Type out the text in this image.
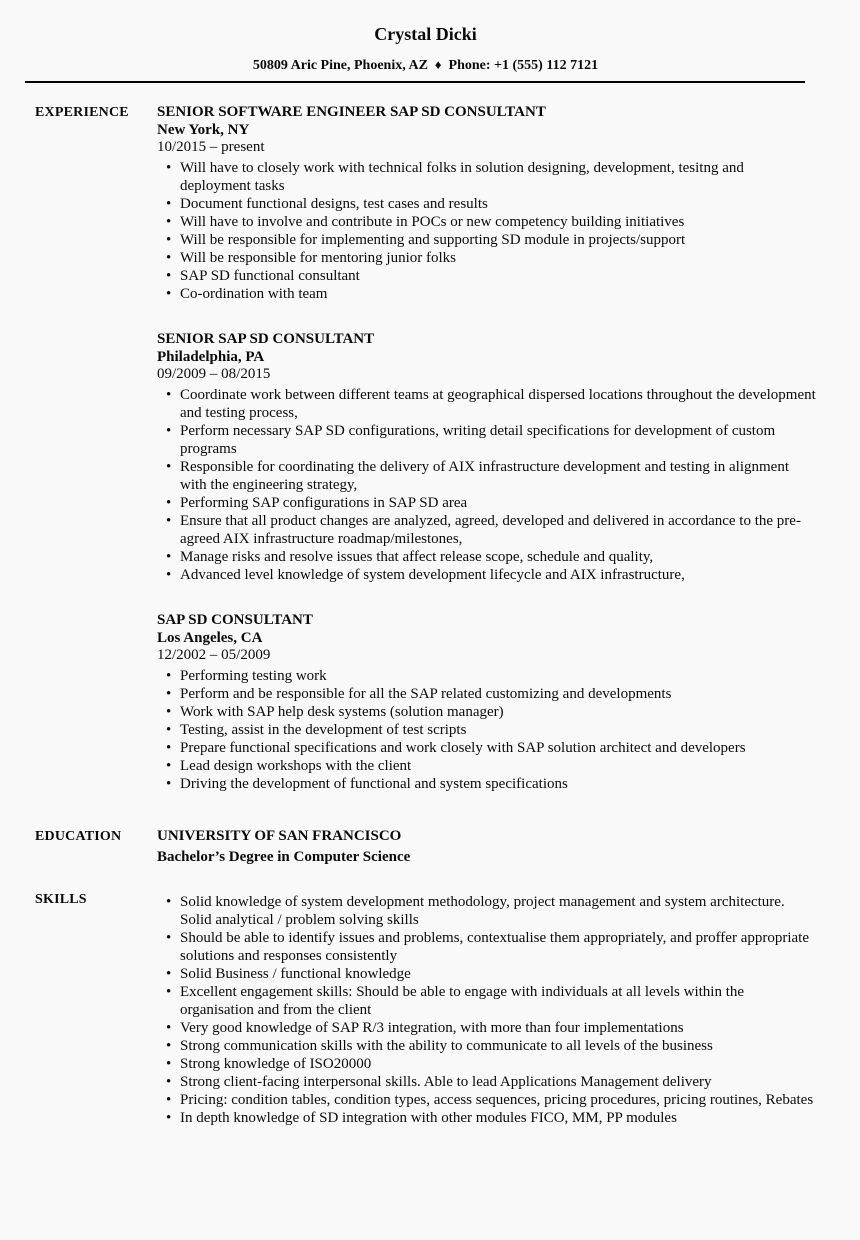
Crystal Dicki
50809 Aric Pine, Phoenix, AZ ♦ Phone: +1 (555) 112 7121
EXPERIENCE	SENIOR SOFTWARE ENGINEER SAP SD CONSULTANT
New York, NY
10/2015 – present
• Will have to closely work with technical folks in solution designing, development, tesitng and deployment tasks
• Document functional designs, test cases and results
• Will have to involve and contribute in POCs or new competency building initiatives
• Will be responsible for implementing and supporting SD module in projects/support
• Will be responsible for mentoring junior folks
• SAP SD functional consultant
• Co-ordination with team
SENIOR SAP SD CONSULTANT
Philadelphia, PA
09/2009 – 08/2015
• Coordinate work between different teams at geographical dispersed locations throughout the development and testing process,
• Perform necessary SAP SD configurations, writing detail specifications for development of custom programs
• Responsible for coordinating the delivery of AIX infrastructure development and testing in alignment with the engineering strategy,
• Performing SAP configurations in SAP SD area
• Ensure that all product changes are analyzed, agreed, developed and delivered in accordance to the pre-agreed AIX infrastructure roadmap/milestones,
• Manage risks and resolve issues that affect release scope, schedule and quality,
• Advanced level knowledge of system development lifecycle and AIX infrastructure,
SAP SD CONSULTANT
Los Angeles, CA
12/2002 – 05/2009
• Performing testing work
• Perform and be responsible for all the SAP related customizing and developments
• Work with SAP help desk systems (solution manager)
• Testing, assist in the development of test scripts
• Prepare functional specifications and work closely with SAP solution architect and developers
• Lead design workshops with the client
• Driving the development of functional and system specifications
EDUCATION	UNIVERSITY OF SAN FRANCISCO
Bachelor’s Degree in Computer Science
SKILLS	• Solid knowledge of system development methodology, project management and system architecture. Solid analytical / problem solving skills
• Should be able to identify issues and problems, contextualise them appropriately, and proffer appropriate solutions and responses consistently
• Solid Business / functional knowledge
• Excellent engagement skills: Should be able to engage with individuals at all levels within the organisation and from the client
• Very good knowledge of SAP R/3 integration, with more than four implementations
• Strong communication skills with the ability to communicate to all levels of the business
• Strong knowledge of ISO20000
• Strong client-facing interpersonal skills. Able to lead Applications Management delivery
• Pricing: condition tables, condition types, access sequences, pricing procedures, pricing routines, Rebates
• In depth knowledge of SD integration with other modules FICO, MM, PP modules
